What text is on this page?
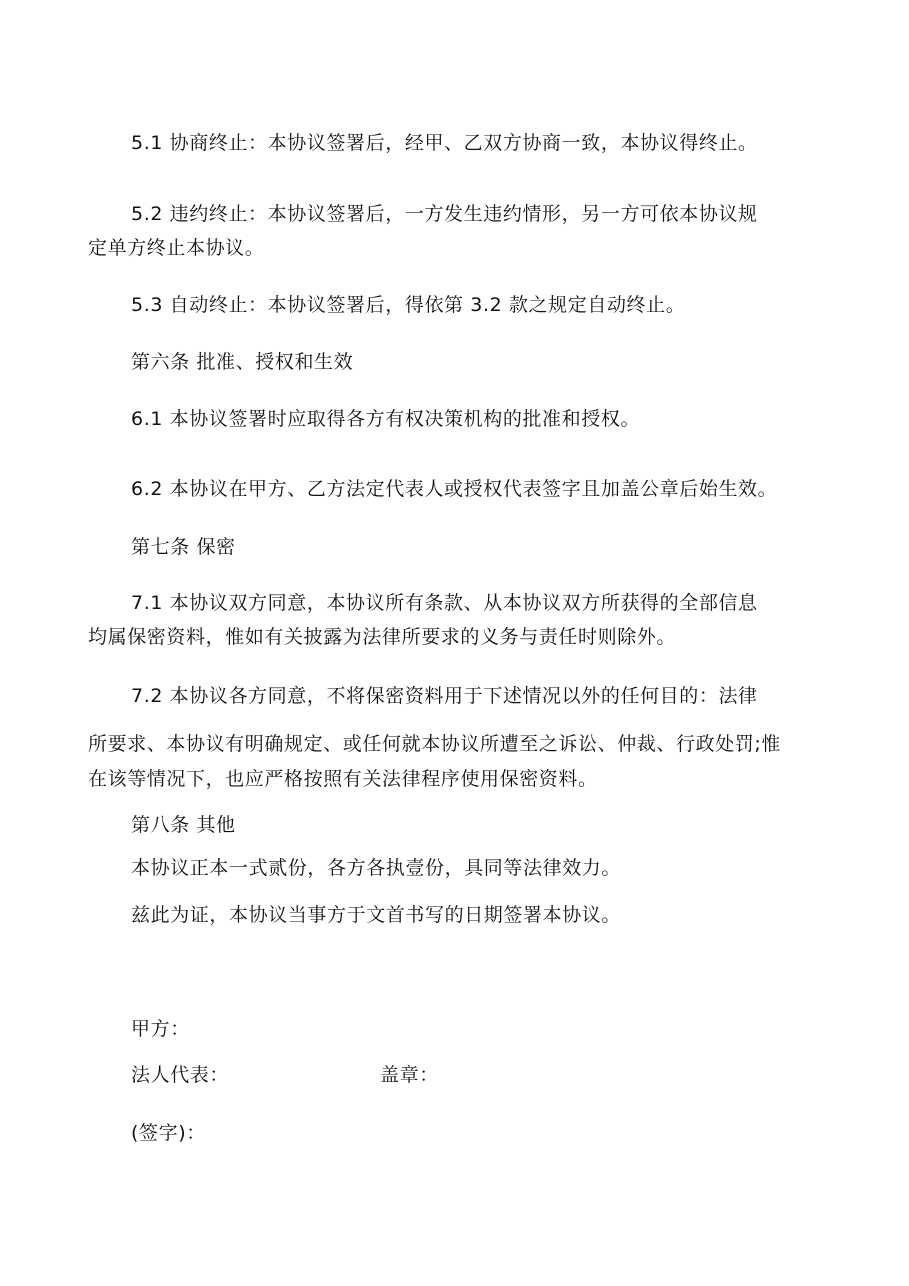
5.1 协商终止：本协议签署后，经甲、乙双方协商一致，本协议得终止。
5.2 违约终止：本协议签署后，一方发生违约情形，另一方可依本协议规
定单方终止本协议。
5.3 自动终止：本协议签署后，得依第 3.2 款之规定自动终止。
第六条 批准、授权和生效
6.1 本协议签署时应取得各方有权决策机构的批准和授权。
6.2 本协议在甲方、乙方法定代表人或授权代表签字且加盖公章后始生效。
第七条 保密
7.1 本协议双方同意，本协议所有条款、从本协议双方所获得的全部信息
均属保密资料，惟如有关披露为法律所要求的义务与责任时则除外。
7.2 本协议各方同意，不将保密资料用于下述情况以外的任何目的：法律
所要求、本协议有明确规定、或任何就本协议所遭至之诉讼、仲裁、行政处罚;惟
在该等情况下，也应严格按照有关法律程序使用保密资料。
第八条 其他
本协议正本一式贰份，各方各执壹份，具同等法律效力。
兹此为证，本协议当事方于文首书写的日期签署本协议。
甲方：
法人代表：	盖章：
(签字)：
